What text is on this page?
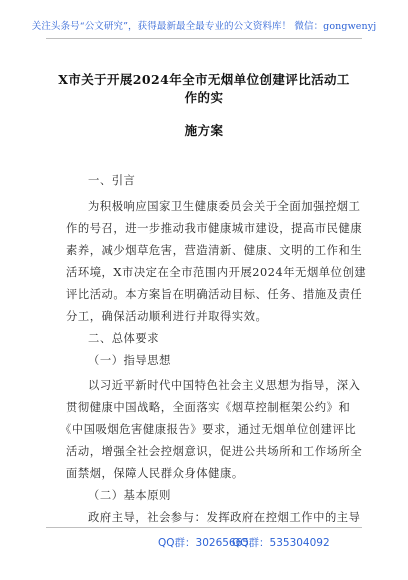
关注头条号“公文研究”，获得最新最全最专业的公文资料库！ 微信：gongwenyj
X市关于开展2024年全市无烟单位创建评比活动工作的实
施方案
一、引言
为积极响应国家卫生健康委员会关于全面加强控烟工
作的号召，进一步推动我市健康城市建设，提高市民健康
素养，减少烟草危害，营造清新、健康、文明的工作和生
活环境，X市决定在全市范围内开展2024年无烟单位创建
评比活动。本方案旨在明确活动目标、任务、措施及责任
分工，确保活动顺利进行并取得实效。
二、总体要求
（一）指导思想
以习近平新时代中国特色社会主义思想为指导，深入
贯彻健康中国战略，全面落实《烟草控制框架公约》和
《中国吸烟危害健康报告》要求，通过无烟单位创建评比
活动，增强全社会控烟意识，促进公共场所和工作场所全
面禁烟，保障人民群众身体健康。
（二）基本原则
政府主导，社会参与：发挥政府在控烟工作中的主导
QQ群：30265665
QQ群：535304092
